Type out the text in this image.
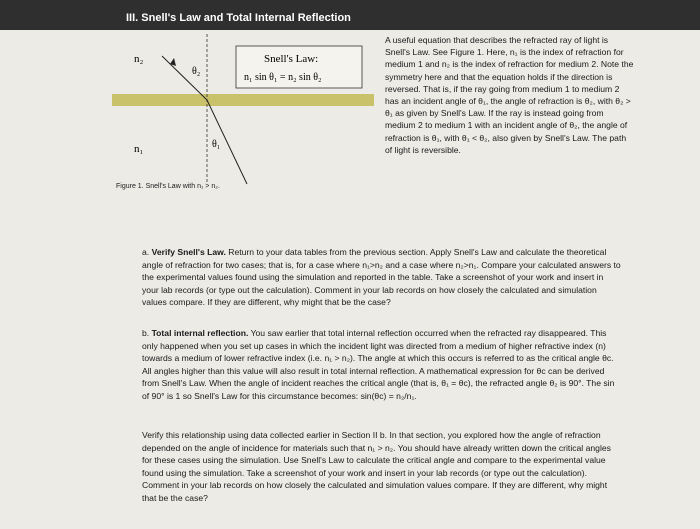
III. Snell's Law and Total Internal Reflection
n₂
n₁
θ₂
θ₁
Snell's Law:
n₁ sin θ₁ = n₂ sin θ₂
Figure 1. Snell's Law with n₁ > n₂.

A useful equation that describes the refracted ray of light is Snell's Law. See Figure 1. Here, n₁ is the index of refraction for medium 1 and n₂ is the index of refraction for medium 2. Note the symmetry here and that the equation holds if the direction is reversed. That is, if the ray going from medium 1 to medium 2 has an incident angle of θ₁, the angle of refraction is θ₂, with θ₂ > θ₁ as given by Snell's Law. If the ray is instead going from medium 2 to medium 1 with an incident angle of θ₂, the angle of refraction is θ₁, with θ₁ < θ₂, also given by Snell's Law. The path of light is reversible.

a. Verify Snell's Law. Return to your data tables from the previous section. Apply Snell's Law and calculate the theoretical angle of refraction for two cases; that is, for a case where n₁>n₂ and a case where n₂>n₁. Compare your calculated answers to the experimental values found using the simulation and reported in the table. Take a screenshot of your work and insert in your lab records (or type out the calculation). Comment in your lab records on how closely the calculated and simulation values compare. If they are different, why might that be the case?

b. Total internal reflection. You saw earlier that total internal reflection occurred when the refracted ray disappeared. This only happened when you set up cases in which the incident light was directed from a medium of higher refractive index (n) towards a medium of lower refractive index (i.e. n₁ > n₂). The angle at which this occurs is referred to as the critical angle θc. All angles higher than this value will also result in total internal reflection. A mathematical expression for θc can be derived from Snell's Law. When the angle of incident reaches the critical angle (that is, θ₁ = θc), the refracted angle θ₂ is 90°. The sin of 90° is 1 so Snell's Law for this circumstance becomes: sin(θc) = n₂/n₁.

Verify this relationship using data collected earlier in Section II b. In that section, you explored how the angle of refraction depended on the angle of incidence for materials such that n₁ > n₂. You should have already written down the critical angles for these cases using the simulation. Use Snell's Law to calculate the critical angle and compare to the experimental value found using the simulation. Take a screenshot of your work and insert in your lab records (or type out the calculation). Comment in your lab records on how closely the calculated and simulation values compare. If they are different, why might that be the case?
